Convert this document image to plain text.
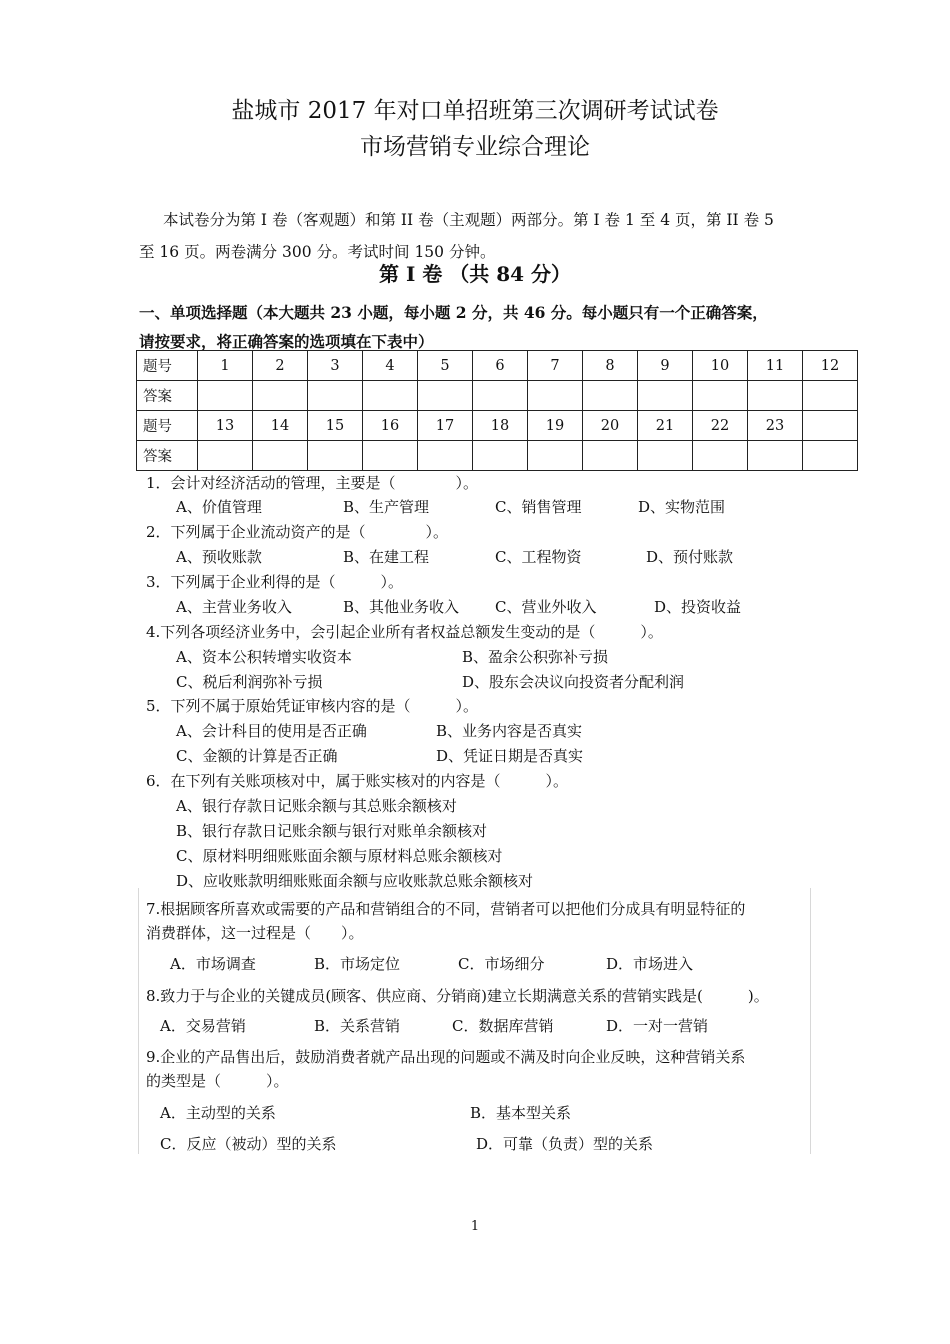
盐城市 2017 年对口单招班第三次调研考试试卷
市场营销专业综合理论
本试卷分为第 I 卷（客观题）和第 II 卷（主观题）两部分。第 I 卷 1 至 4 页，第 II 卷 5
至 16 页。两卷满分 300 分。考试时间 150 分钟。
第 I 卷 （共 84 分）
一、单项选择题（本大题共 23 小题，每小题 2 分，共 46 分。每小题只有一个正确答案，
请按要求，将正确答案的选项填在下表中）
题号	1	2	3	4	5	6	7	8	9	10	11	12
答案												
题号	13	14	15	16	17	18	19	20	21	22	23	
答案												
1．会计对经济活动的管理，主要是（　　　　）。
A、价值管理	B、生产管理	C、销售管理	D、实物范围
2．下列属于企业流动资产的是（　　　　）。
A、预收账款	B、在建工程	C、工程物资	D、预付账款
3．下列属于企业利得的是（　　　）。
A、主营业务收入	B、其他业务收入 C、营业外收入	D、投资收益
4.下列各项经济业务中，会引起企业所有者权益总额发生变动的是（　　　）。
A、资本公积转增实收资本	B、盈余公积弥补亏损
C、税后利润弥补亏损	D、股东会决议向投资者分配利润
5．下列不属于原始凭证审核内容的是（　　　）。
A、会计科目的使用是否正确	B、业务内容是否真实
C、金额的计算是否正确	D、凭证日期是否真实
6．在下列有关账项核对中，属于账实核对的内容是（　　　）。
A、银行存款日记账余额与其总账余额核对
B、银行存款日记账余额与银行对账单余额核对
C、原材料明细账账面余额与原材料总账余额核对
D、应收账款明细账账面余额与应收账款总账余额核对
7.根据顾客所喜欢或需要的产品和营销组合的不同，营销者可以把他们分成具有明显特征的
消费群体，这一过程是（　　）。
A．市场调查	B．市场定位	C．市场细分	D．市场进入
8.致力于与企业的关键成员(顾客、供应商、分销商)建立长期满意关系的营销实践是(　　　)。
A．交易营销	B．关系营销	C．数据库营销	D．一对一营销
9.企业的产品售出后，鼓励消费者就产品出现的问题或不满及时向企业反映，这种营销关系
的类型是（　　　）。
A．主动型的关系	B．基本型关系
C．反应（被动）型的关系	D．可靠（负责）型的关系
1
